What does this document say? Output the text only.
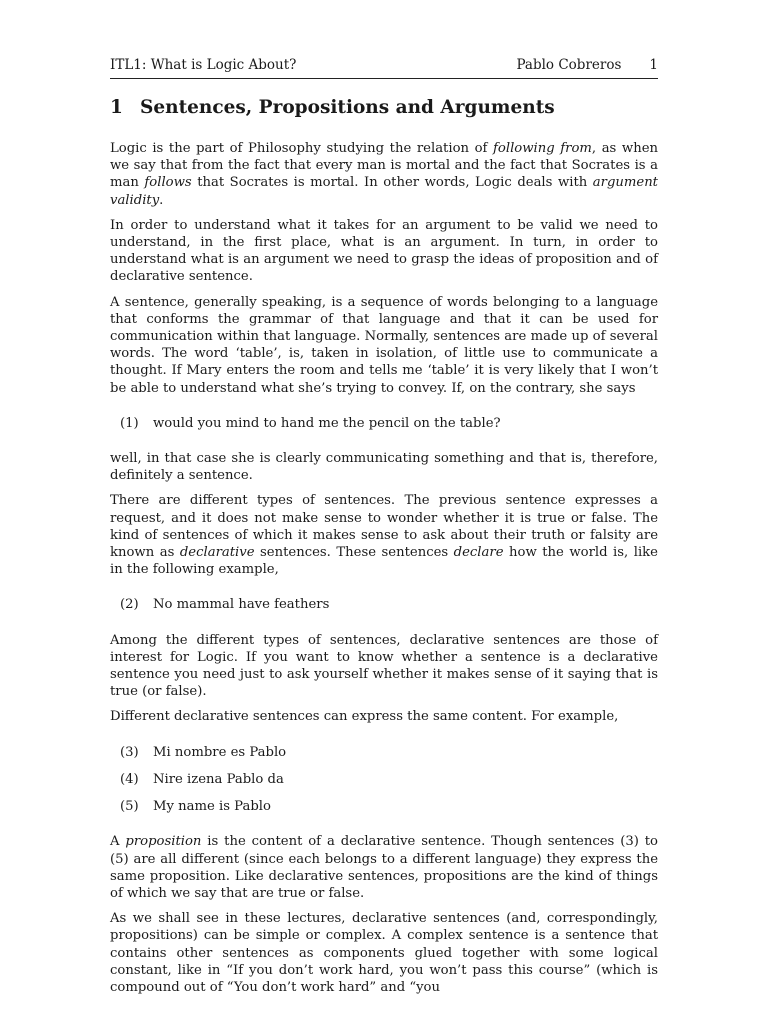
ITL1: What is Logic About?	Pablo Cobreros 1
1 Sentences, Propositions and Arguments

Logic is the part of Philosophy studying the relation of following from, as when we say that from the fact that every man is mortal and the fact that Socrates is a man follows that Socrates is mortal. In other words, Logic deals with argument validity.

In order to understand what it takes for an argument to be valid we need to understand, in the first place, what is an argument. In turn, in order to understand what is an argument we need to grasp the ideas of proposition and of declarative sentence.

A sentence, generally speaking, is a sequence of words belonging to a language that conforms the grammar of that language and that it can be used for communication within that language. Normally, sentences are made up of several words. The word ‘table’, is, taken in isolation, of little use to communicate a thought. If Mary enters the room and tells me ‘table’ it is very likely that I won’t be able to understand what she’s trying to convey. If, on the contrary, she says

(1) would you mind to hand me the pencil on the table?

well, in that case she is clearly communicating something and that is, therefore, definitely a sentence.

There are different types of sentences. The previous sentence expresses a request, and it does not make sense to wonder whether it is true or false. The kind of sentences of which it makes sense to ask about their truth or falsity are known as declarative sentences. These sentences declare how the world is, like in the following example,

(2) No mammal have feathers

Among the different types of sentences, declarative sentences are those of interest for Logic. If you want to know whether a sentence is a declarative sentence you need just to ask yourself whether it makes sense of it saying that is true (or false).

Different declarative sentences can express the same content. For example,

(3) Mi nombre es Pablo
(4) Nire izena Pablo da
(5) My name is Pablo

A proposition is the content of a declarative sentence. Though sentences (3) to (5) are all different (since each belongs to a different language) they express the same proposition. Like declarative sentences, propositions are the kind of things of which we say that are true or false.

As we shall see in these lectures, declarative sentences (and, correspondingly, propositions) can be simple or complex. A complex sentence is a sentence that contains other sentences as components glued together with some logical constant, like in “If you don’t work hard, you won’t pass this course” (which is compound out of “You don’t work hard” and “you
